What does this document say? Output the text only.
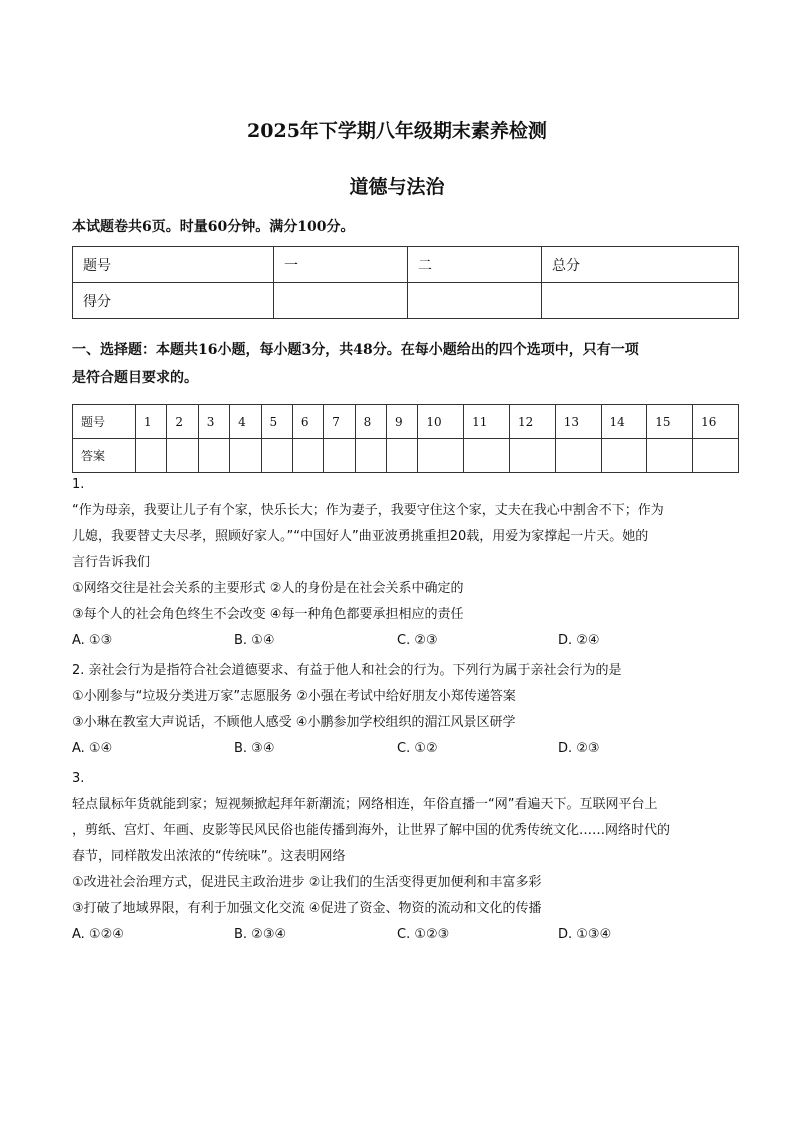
2025年下学期八年级期末素养检测
道德与法治
本试题卷共6页。时量60分钟。满分100分。
题号	一	二	总分
得分			
一、选择题：本题共16小题，每小题3分，共48分。在每小题给出的四个选项中，只有一项
是符合题目要求的。
题号	1	2	3	4	5	6	7	8	9	10	11	12	13	14	15	16
答案																
1.
“作为母亲，我要让儿子有个家，快乐长大；作为妻子，我要守住这个家，丈夫在我心中割舍不下；作为
儿媳，我要替丈夫尽孝，照顾好家人。”“中国好人”曲亚波勇挑重担20载，用爱为家撑起一片天。她的
言行告诉我们
①网络交往是社会关系的主要形式 ②人的身份是在社会关系中确定的
③每个人的社会角色终生不会改变 ④每一种角色都要承担相应的责任
A. ①③	B. ①④	C. ②③	D. ②④
2. 亲社会行为是指符合社会道德要求、有益于他人和社会的行为。下列行为属于亲社会行为的是
①小刚参与“垃圾分类进万家”志愿服务 ②小强在考试中给好朋友小郑传递答案
③小琳在教室大声说话，不顾他人感受 ④小鹏参加学校组织的湄江风景区研学
A. ①④	B. ③④	C. ①②	D. ②③
3.
轻点鼠标年货就能到家；短视频掀起拜年新潮流；网络相连，年俗直播一“网”看遍天下。互联网平台上
，剪纸、宫灯、年画、皮影等民风民俗也能传播到海外，让世界了解中国的优秀传统文化……网络时代的
春节，同样散发出浓浓的“传统味”。这表明网络
①改进社会治理方式，促进民主政治进步 ②让我们的生活变得更加便利和丰富多彩
③打破了地域界限，有利于加强文化交流 ④促进了资金、物资的流动和文化的传播
A. ①②④	B. ②③④	C. ①②③	D. ①③④
